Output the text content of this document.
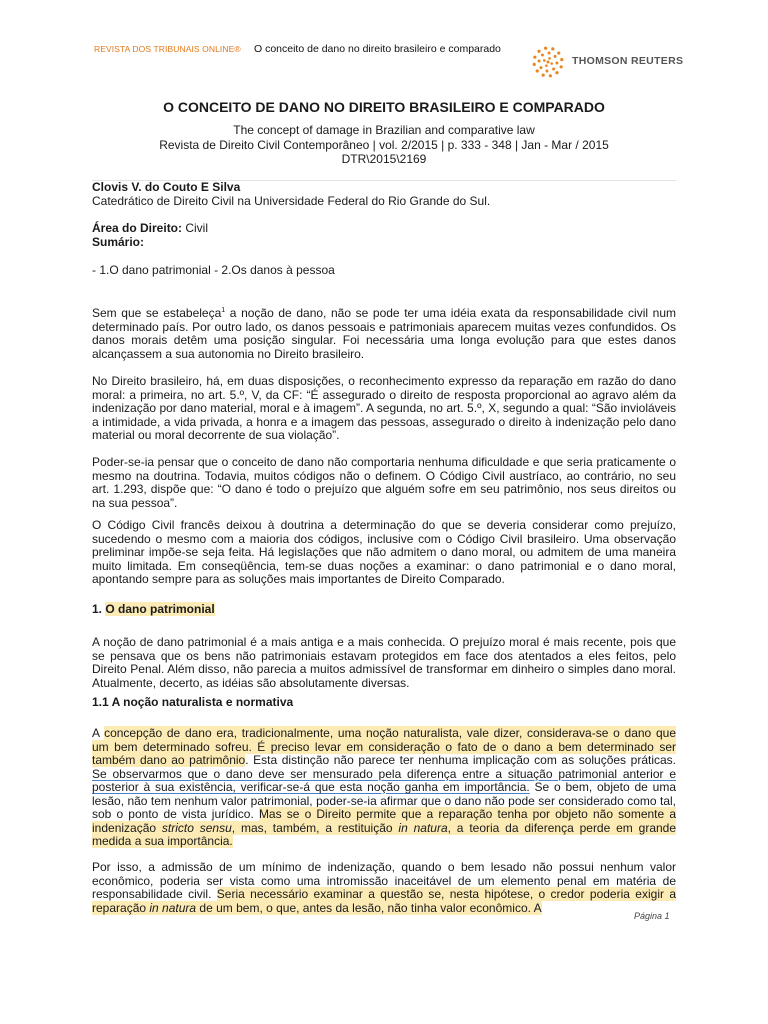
REVISTA DOS TRIBUNAIS ONLINE® O conceito de dano no direito brasileiro e comparado
THOMSON REUTERS

O CONCEITO DE DANO NO DIREITO BRASILEIRO E COMPARADO

The concept of damage in Brazilian and comparative law

Revista de Direito Civil Contemporâneo | vol. 2/2015 | p. 333 - 348 | Jan - Mar / 2015

DTR\2015\2169

Clovis V. do Couto E Silva
Catedrático de Direito Civil na Universidade Federal do Rio Grande do Sul.
Área do Direito: Civil
Sumário:
- 1.O dano patrimonial - 2.Os danos à pessoa
Sem que se estabeleça$^1$ a noção de dano, não se pode ter uma idéia exata da responsabilidade civil num determinado país. Por outro lado, os danos pessoais e patrimoniais aparecem muitas vezes confundidos. Os danos morais detêm uma posição singular. Foi necessária uma longa evolução para que estes danos alcançassem a sua autonomia no Direito brasileiro.
No Direito brasileiro, há, em duas disposições, o reconhecimento expresso da reparação em razão do dano moral: a primeira, no art. 5.º, V, da CF: “É assegurado o direito de resposta proporcional ao agravo além da indenização por dano material, moral e à imagem”. A segunda, no art. 5.º, X, segundo a qual: “São invioláveis a intimidade, a vida privada, a honra e a imagem das pessoas, assegurado o direito à indenização pelo dano material ou moral decorrente de sua violação”.
Poder-se-ia pensar que o conceito de dano não comportaria nenhuma dificuldade e que seria praticamente o mesmo na doutrina. Todavia, muitos códigos não o definem. O Código Civil austríaco, ao contrário, no seu art. 1.293, dispõe que: “O dano é todo o prejuízo que alguém sofre em seu patrimônio, nos seus direitos ou na sua pessoa”.
O Código Civil francês deixou à doutrina a determinação do que se deveria considerar como prejuízo, sucedendo o mesmo com a maioria dos códigos, inclusive com o Código Civil brasileiro. Uma observação preliminar impõe-se seja feita. Há legislações que não admitem o dano moral, ou admitem de uma maneira muito limitada. Em conseqüência, tem-se duas noções a examinar: o dano patrimonial e o dano moral, apontando sempre para as soluções mais importantes de Direito Comparado.
1. O dano patrimonial
A noção de dano patrimonial é a mais antiga e a mais conhecida. O prejuízo moral é mais recente, pois que se pensava que os bens não patrimoniais estavam protegidos em face dos atentados a eles feitos, pelo Direito Penal. Além disso, não parecia a muitos admissível de transformar em dinheiro o simples dano moral. Atualmente, decerto, as idéias são absolutamente diversas.
1.1 A noção naturalista e normativa
A concepção de dano era, tradicionalmente, uma noção naturalista, vale dizer, considerava-se o dano que um bem determinado sofreu. É preciso levar em consideração o fato de o dano a bem determinado ser também dano ao patrimônio. Esta distinção não parece ter nenhuma implicação com as soluções práticas. Se observarmos que o dano deve ser mensurado pela diferença entre a situação patrimonial anterior e posterior à sua existência, verificar-se-á que esta noção ganha em importância. Se o bem, objeto de uma lesão, não tem nenhum valor patrimonial, poder-se-ia afirmar que o dano não pode ser considerado como tal, sob o ponto de vista jurídico. Mas se o Direito permite que a reparação tenha por objeto não somente a indenização stricto sensu, mas, também, a restituição in natura, a teoria da diferença perde em grande medida a sua importância.
Por isso, a admissão de um mínimo de indenização, quando o bem lesado não possui nenhum valor econômico, poderia ser vista como uma intromissão inaceitável de um elemento penal em matéria de responsabilidade civil. Seria necessário examinar a questão se, nesta hipótese, o credor poderia exigir a reparação in natura de um bem, o que, antes da lesão, não tinha valor econômico. A
Página 1
